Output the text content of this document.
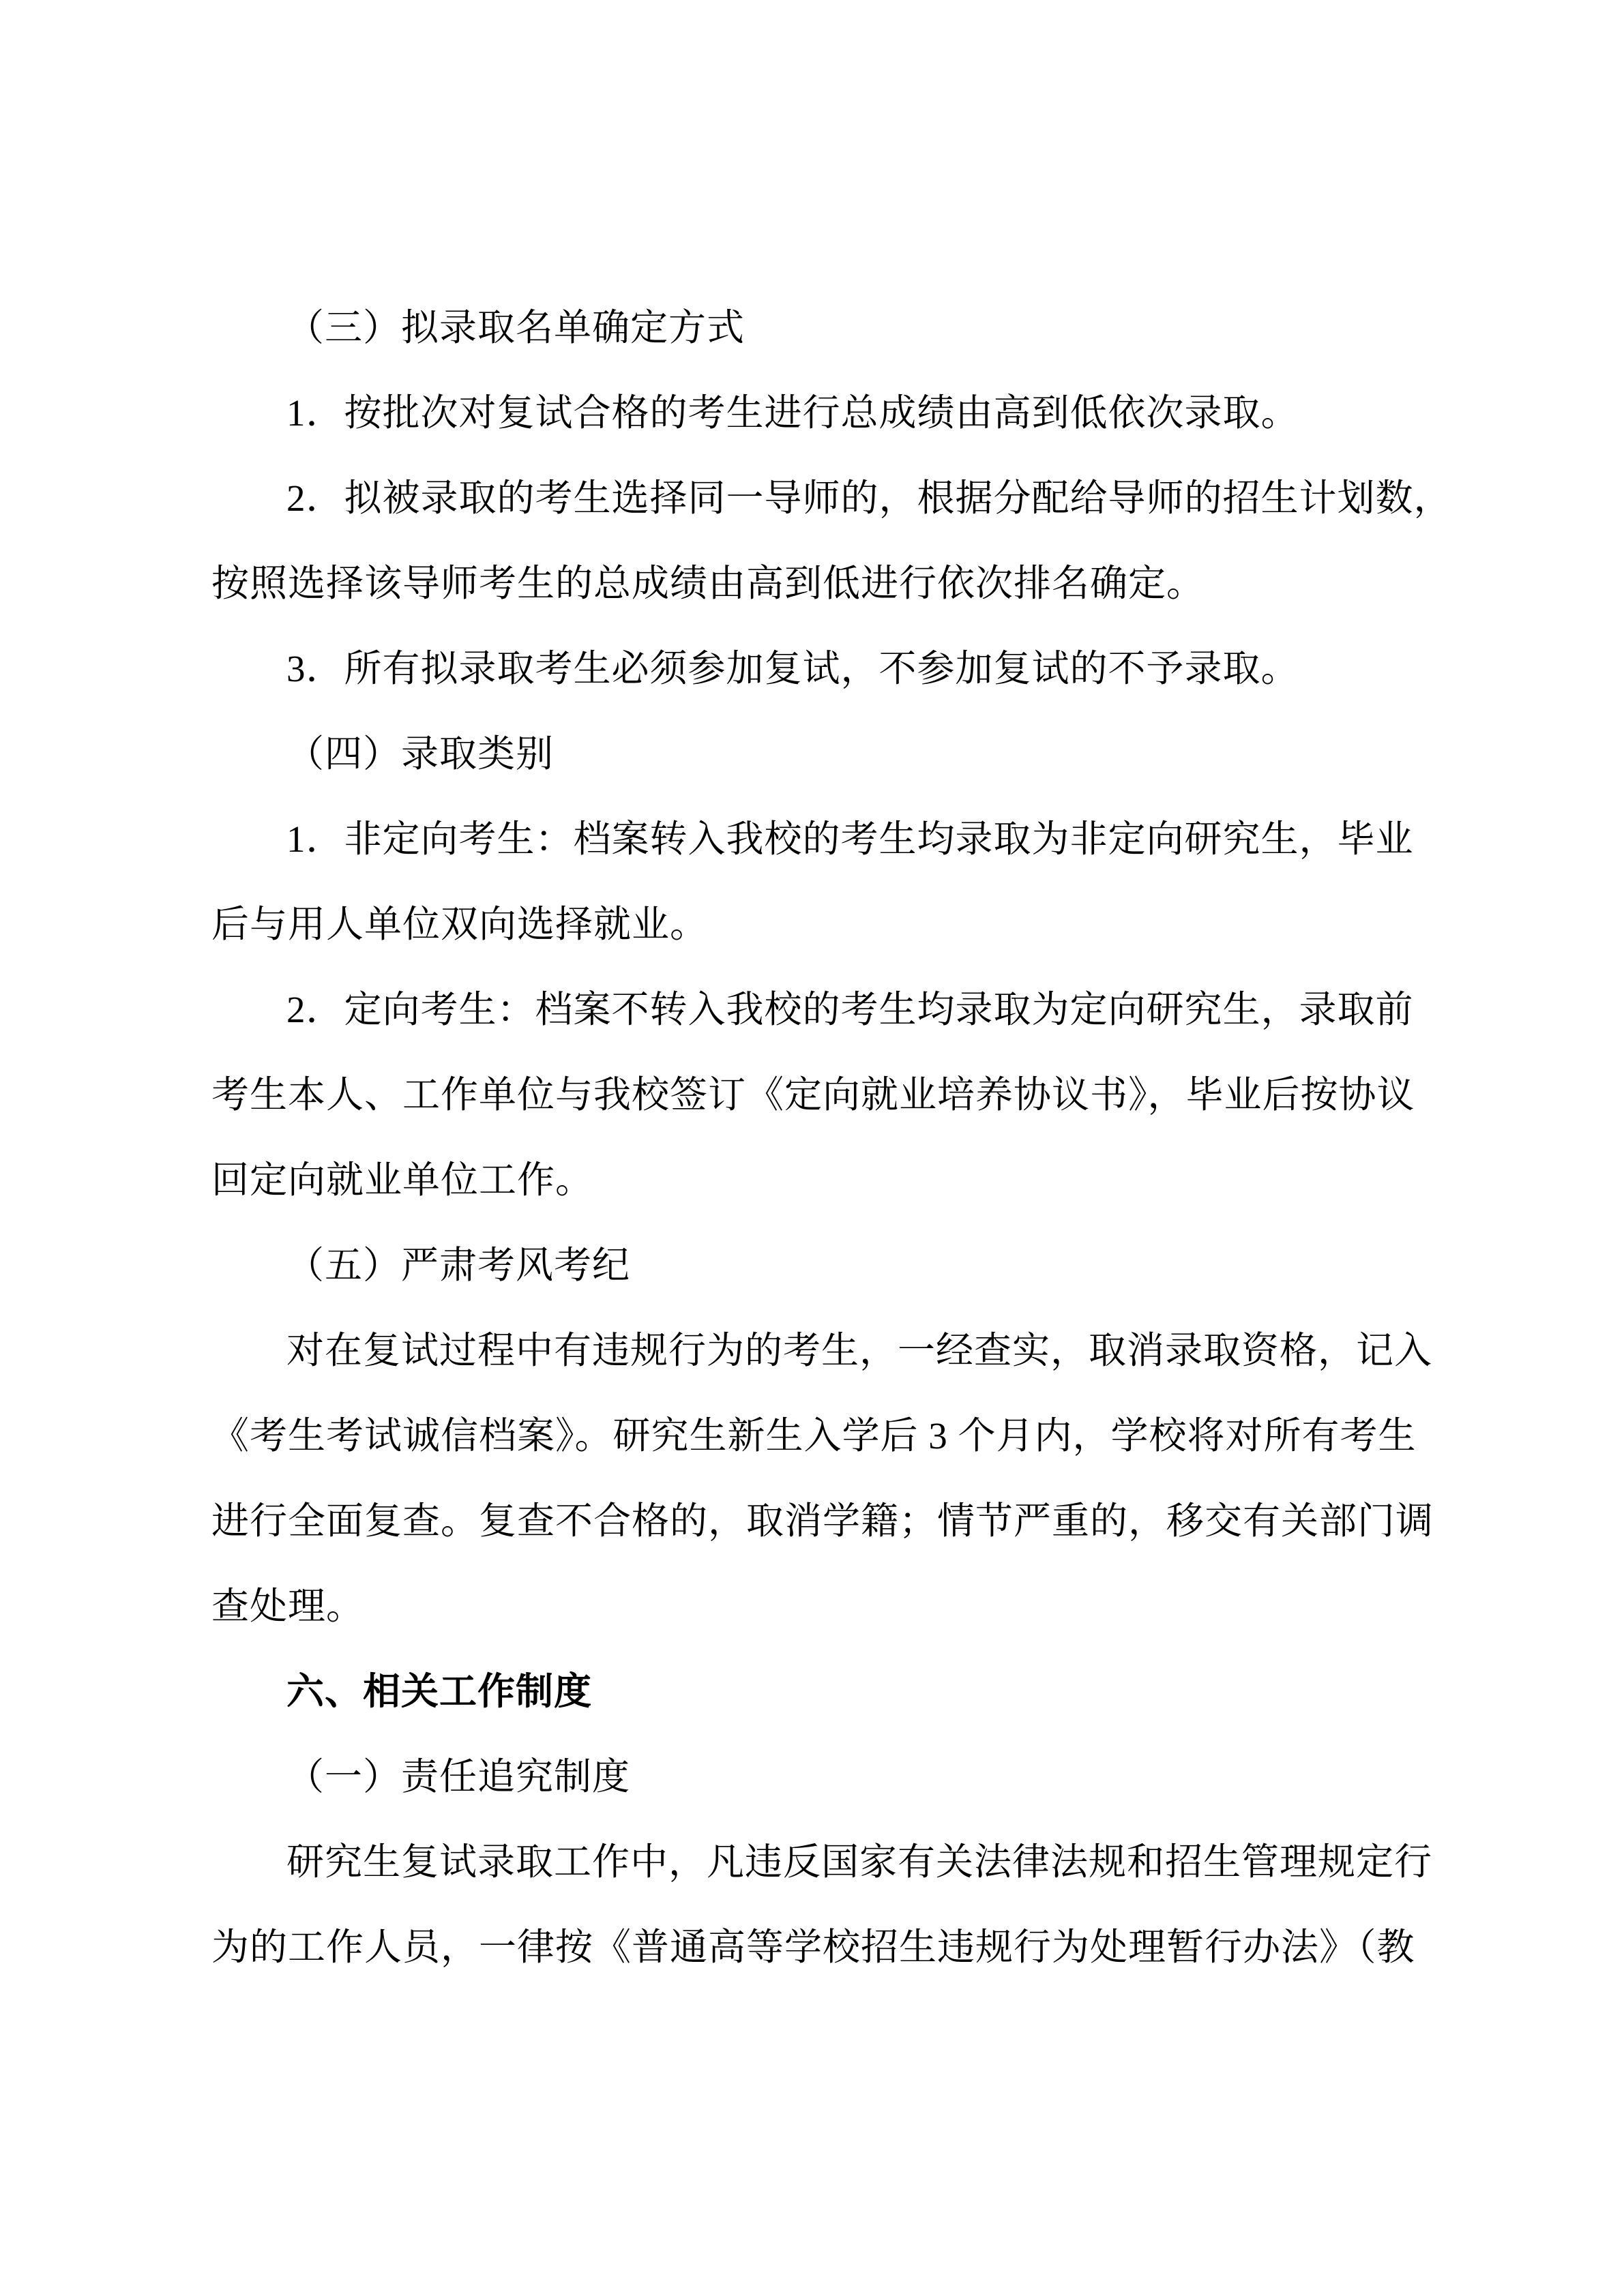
（三）拟录取名单确定方式
1．按批次对复试合格的考生进行总成绩由高到低依次录取。
2．拟被录取的考生选择同一导师的，根据分配给导师的招生计划数，
按照选择该导师考生的总成绩由高到低进行依次排名确定。
3．所有拟录取考生必须参加复试，不参加复试的不予录取。
（四）录取类别
1．非定向考生：档案转入我校的考生均录取为非定向研究生，毕业
后与用人单位双向选择就业。
2．定向考生：档案不转入我校的考生均录取为定向研究生，录取前
考生本人、工作单位与我校签订《定向就业培养协议书》，毕业后按协议
回定向就业单位工作。
（五）严肃考风考纪
对在复试过程中有违规行为的考生，一经查实，取消录取资格，记入
《考生考试诚信档案》。研究生新生入学后 3 个月内，学校将对所有考生
进行全面复查。复查不合格的，取消学籍；情节严重的，移交有关部门调
查处理。
六、相关工作制度
（一）责任追究制度
研究生复试录取工作中，凡违反国家有关法律法规和招生管理规定行
为的工作人员，一律按《普通高等学校招生违规行为处理暂行办法》（教
